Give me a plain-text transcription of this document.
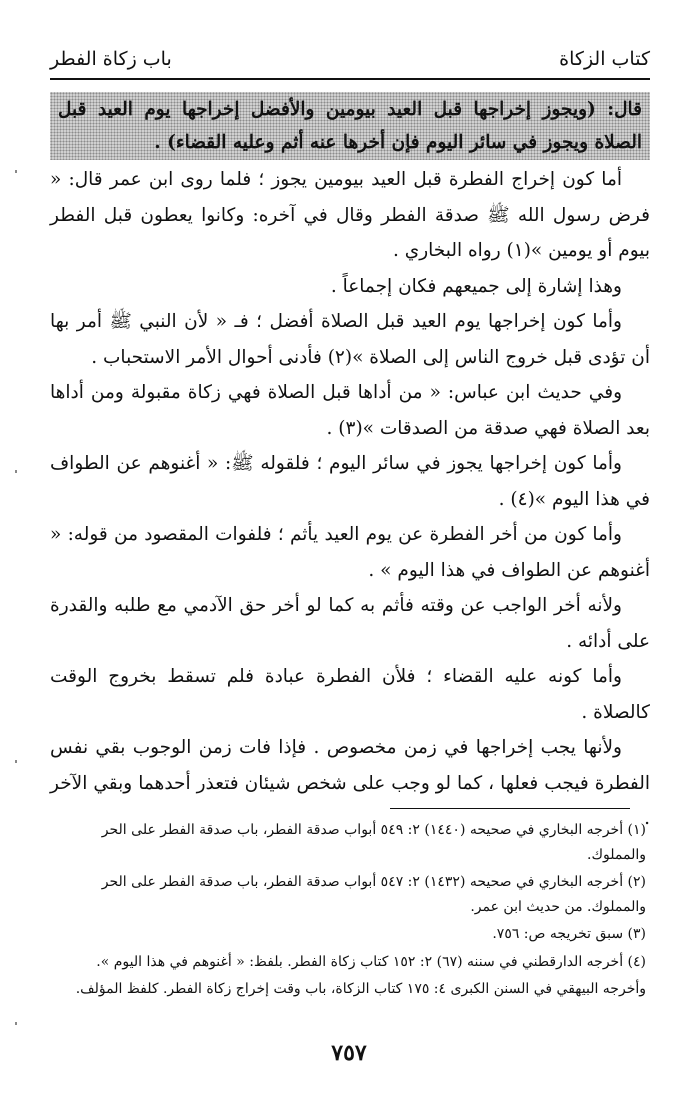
كتاب الزكاة
باب زكاة الفطر

قال: (ويجوز إخراجها قبل العيد بيومين والأفضل إخراجها يوم العيد قبل الصلاة ويجوز في سائر اليوم فإن أخرها عنه أثم وعليه القضاء) .

أما كون إخراج الفطرة قبل العيد بيومين يجوز ؛ فلما روى ابن عمر قال: « فرض رسول الله ﷺ صدقة الفطر وقال في آخره: وكانوا يعطون قبل الفطر بيوم أو يومين »(١) رواه البخاري .

وهذا إشارة إلى جميعهم فكان إجماعاً .

وأما كون إخراجها يوم العيد قبل الصلاة أفضل ؛ فـ « لأن النبي ﷺ أمر بها أن تؤدى قبل خروج الناس إلى الصلاة »(٢) فأدنى أحوال الأمر الاستحباب .

وفي حديث ابن عباس: « من أداها قبل الصلاة فهي زكاة مقبولة ومن أداها بعد الصلاة فهي صدقة من الصدقات »(٣) .

وأما كون إخراجها يجوز في سائر اليوم ؛ فلقوله ﷺ: « أغنوهم عن الطواف في هذا اليوم »(٤) .

وأما كون من أخر الفطرة عن يوم العيد يأثم ؛ فلفوات المقصود من قوله: « أغنوهم عن الطواف في هذا اليوم » .

ولأنه أخر الواجب عن وقته فأثم به كما لو أخر حق الآدمي مع طلبه والقدرة على أدائه .

وأما كونه عليه القضاء ؛ فلأن الفطرة عبادة فلم تسقط بخروج الوقت كالصلاة .

ولأنها يجب إخراجها في زمن مخصوص . فإذا فات زمن الوجوب بقي نفس الفطرة فيجب فعلها ، كما لو وجب على شخص شيئان فتعذر أحدهما وبقي الآخر .

(١) أخرجه البخاري في صحيحه (١٤٤٠) ٢: ٥٤٩ أبواب صدقة الفطر، باب صدقة الفطر على الحر والمملوك.

(٢) أخرجه البخاري في صحيحه (١٤٣٢) ٢: ٥٤٧ أبواب صدقة الفطر، باب صدقة الفطر على الحر والمملوك. من حديث ابن عمر.

(٣) سبق تخريجه ص: ٧٥٦.

(٤) أخرجه الدارقطني في سننه (٦٧) ٢: ١٥٢ كتاب زكاة الفطر. بلفظ: « أغنوهم في هذا اليوم ».

وأخرجه البيهقي في السنن الكبرى ٤: ١٧٥ كتاب الزكاة، باب وقت إخراج زكاة الفطر. كلفظ المؤلف.

٧٥٧
